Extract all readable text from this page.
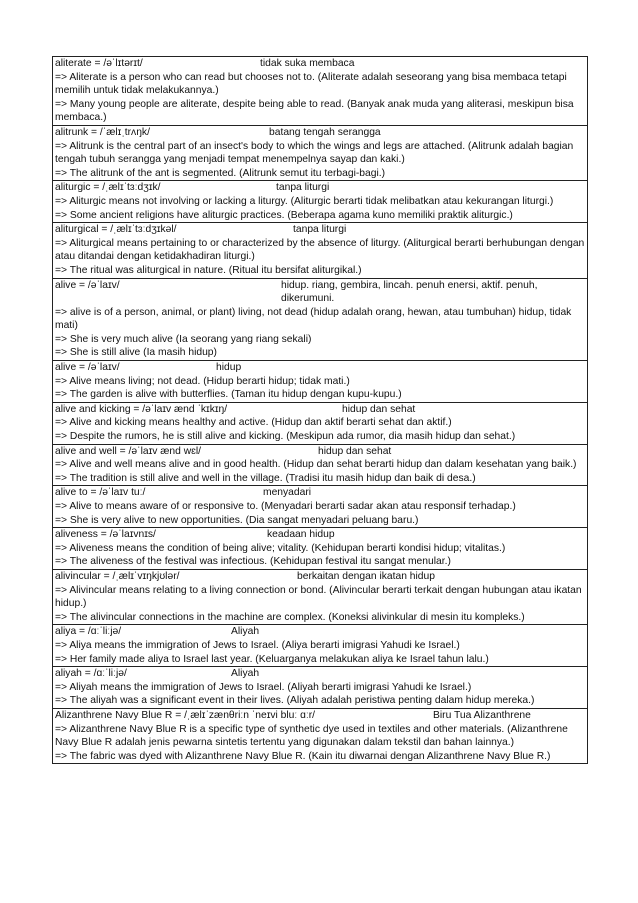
aliterate = /əˈlɪtərɪt/	tidak suka membaca
=> Aliterate is a person who can read but chooses not to. (Aliterate adalah seseorang yang bisa membaca tetapi memilih untuk tidak melakukannya.)
=> Many young people are aliterate, despite being able to read. (Banyak anak muda yang aliterasi, meskipun bisa membaca.)
alitrunk = /ˈælɪˌtrʌŋk/	batang tengah serangga
=> Alitrunk is the central part of an insect's body to which the wings and legs are attached. (Alitrunk adalah bagian tengah tubuh serangga yang menjadi tempat menempelnya sayap dan kaki.)
=> The alitrunk of the ant is segmented. (Alitrunk semut itu terbagi-bagi.)
aliturgic = /ˌælɪˈtɜːdʒɪk/	tanpa liturgi
=> Aliturgic means not involving or lacking a liturgy. (Aliturgic berarti tidak melibatkan atau kekurangan liturgi.)
=> Some ancient religions have aliturgic practices. (Beberapa agama kuno memiliki praktik aliturgic.)
aliturgical = /ˌælɪˈtɜːdʒɪkəl/	tanpa liturgi
=> Aliturgical means pertaining to or characterized by the absence of liturgy. (Aliturgical berarti berhubungan dengan atau ditandai dengan ketidakhadiran liturgi.)
=> The ritual was aliturgical in nature. (Ritual itu bersifat aliturgikal.)
alive = /əˈlaɪv/	hidup. riang, gembira, lincah. penuh enersi, aktif. penuh, dikerumuni.
=> alive is of a person, animal, or plant) living, not dead (hidup adalah orang, hewan, atau tumbuhan) hidup, tidak mati)
=> She is very much alive (Ia seorang yang riang sekali)
=> She is still alive (Ia masih hidup)
alive = /əˈlaɪv/	hidup
=> Alive means living; not dead. (Hidup berarti hidup; tidak mati.)
=> The garden is alive with butterflies. (Taman itu hidup dengan kupu-kupu.)
alive and kicking = /əˈlaɪv ænd ˈkɪkɪŋ/	hidup dan sehat
=> Alive and kicking means healthy and active. (Hidup dan aktif berarti sehat dan aktif.)
=> Despite the rumors, he is still alive and kicking. (Meskipun ada rumor, dia masih hidup dan sehat.)
alive and well = /əˈlaɪv ænd wɛl/	hidup dan sehat
=> Alive and well means alive and in good health. (Hidup dan sehat berarti hidup dan dalam kesehatan yang baik.)
=> The tradition is still alive and well in the village. (Tradisi itu masih hidup dan baik di desa.)
alive to = /əˈlaɪv tuː/	menyadari
=> Alive to means aware of or responsive to. (Menyadari berarti sadar akan atau responsif terhadap.)
=> She is very alive to new opportunities. (Dia sangat menyadari peluang baru.)
aliveness = /əˈlaɪvnɪs/	keadaan hidup
=> Aliveness means the condition of being alive; vitality. (Kehidupan berarti kondisi hidup; vitalitas.)
=> The aliveness of the festival was infectious. (Kehidupan festival itu sangat menular.)
alivincular = /ˌælɪˈvɪŋkjʊlər/	berkaitan dengan ikatan hidup
=> Alivincular means relating to a living connection or bond. (Alivincular berarti terkait dengan hubungan atau ikatan hidup.)
=> The alivincular connections in the machine are complex. (Koneksi alivinkular di mesin itu kompleks.)
aliya = /ɑːˈliːjə/	Aliyah
=> Aliya means the immigration of Jews to Israel. (Aliya berarti imigrasi Yahudi ke Israel.)
=> Her family made aliya to Israel last year. (Keluarganya melakukan aliya ke Israel tahun lalu.)
aliyah = /ɑːˈliːjə/	Aliyah
=> Aliyah means the immigration of Jews to Israel. (Aliyah berarti imigrasi Yahudi ke Israel.)
=> The aliyah was a significant event in their lives. (Aliyah adalah peristiwa penting dalam hidup mereka.)
Alizanthrene Navy Blue R = /ˌælɪˈzænθriːn ˈneɪvi bluː ɑːr/	Biru Tua Alizanthrene
=> Alizanthrene Navy Blue R is a specific type of synthetic dye used in textiles and other materials. (Alizanthrene Navy Blue R adalah jenis pewarna sintetis tertentu yang digunakan dalam tekstil dan bahan lainnya.)
=> The fabric was dyed with Alizanthrene Navy Blue R. (Kain itu diwarnai dengan Alizanthrene Navy Blue R.)
